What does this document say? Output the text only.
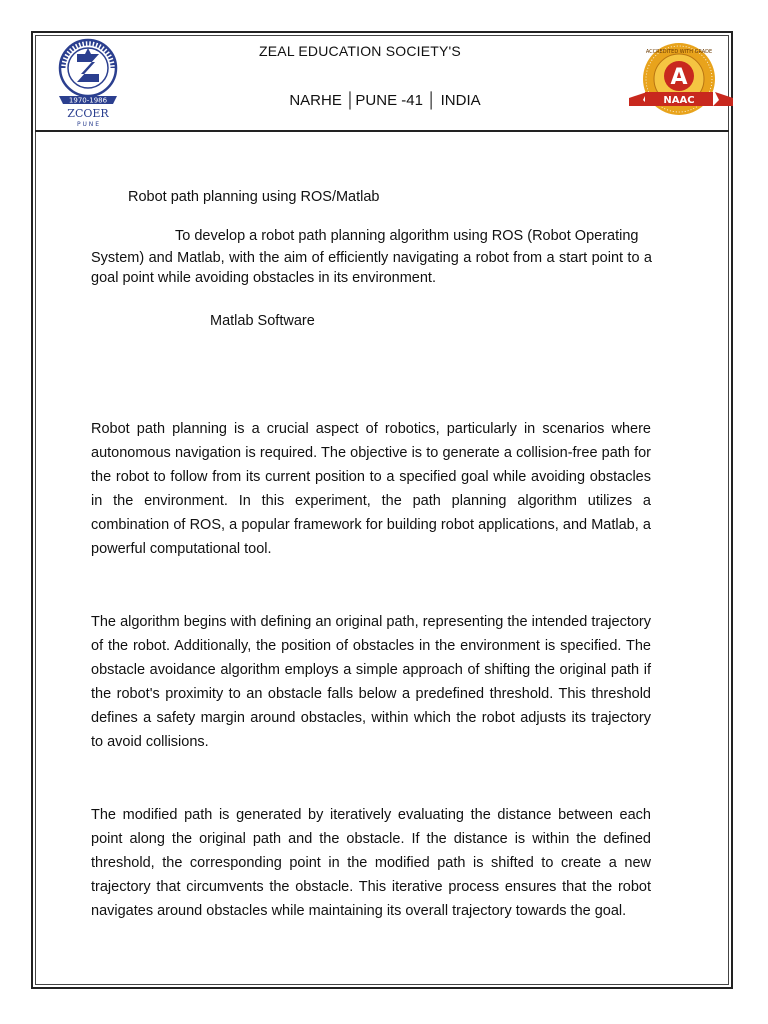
1970-1986
ZCOER
P U N E
ZEAL EDUCATION SOCIETY'S
NARHE │PUNE -41 │ INDIA
ACCREDITED WITH GRADE
A
NAAC
Robot path planning using ROS/Matlab
To develop a robot path planning algorithm using ROS (Robot Operating
System) and Matlab, with the aim of efficiently navigating a robot from a start point to a
goal point while avoiding obstacles in its environment.
Matlab Software
Robot path planning is a crucial aspect of robotics, particularly in scenarios where autonomous navigation is required. The objective is to generate a collision-free path for the robot to follow from its current position to a specified goal while avoiding obstacles in the environment. In this experiment, the path planning algorithm utilizes a combination of ROS, a popular framework for building robot applications, and Matlab, a powerful computational tool.
The algorithm begins with defining an original path, representing the intended trajectory of the robot. Additionally, the position of obstacles in the environment is specified. The obstacle avoidance algorithm employs a simple approach of shifting the original path if the robot's proximity to an obstacle falls below a predefined threshold. This threshold defines a safety margin around obstacles, within which the robot adjusts its trajectory to avoid collisions.
The modified path is generated by iteratively evaluating the distance between each point along the original path and the obstacle. If the distance is within the defined threshold, the corresponding point in the modified path is shifted to create a new trajectory that circumvents the obstacle. This iterative process ensures that the robot navigates around obstacles while maintaining its overall trajectory towards the goal.
